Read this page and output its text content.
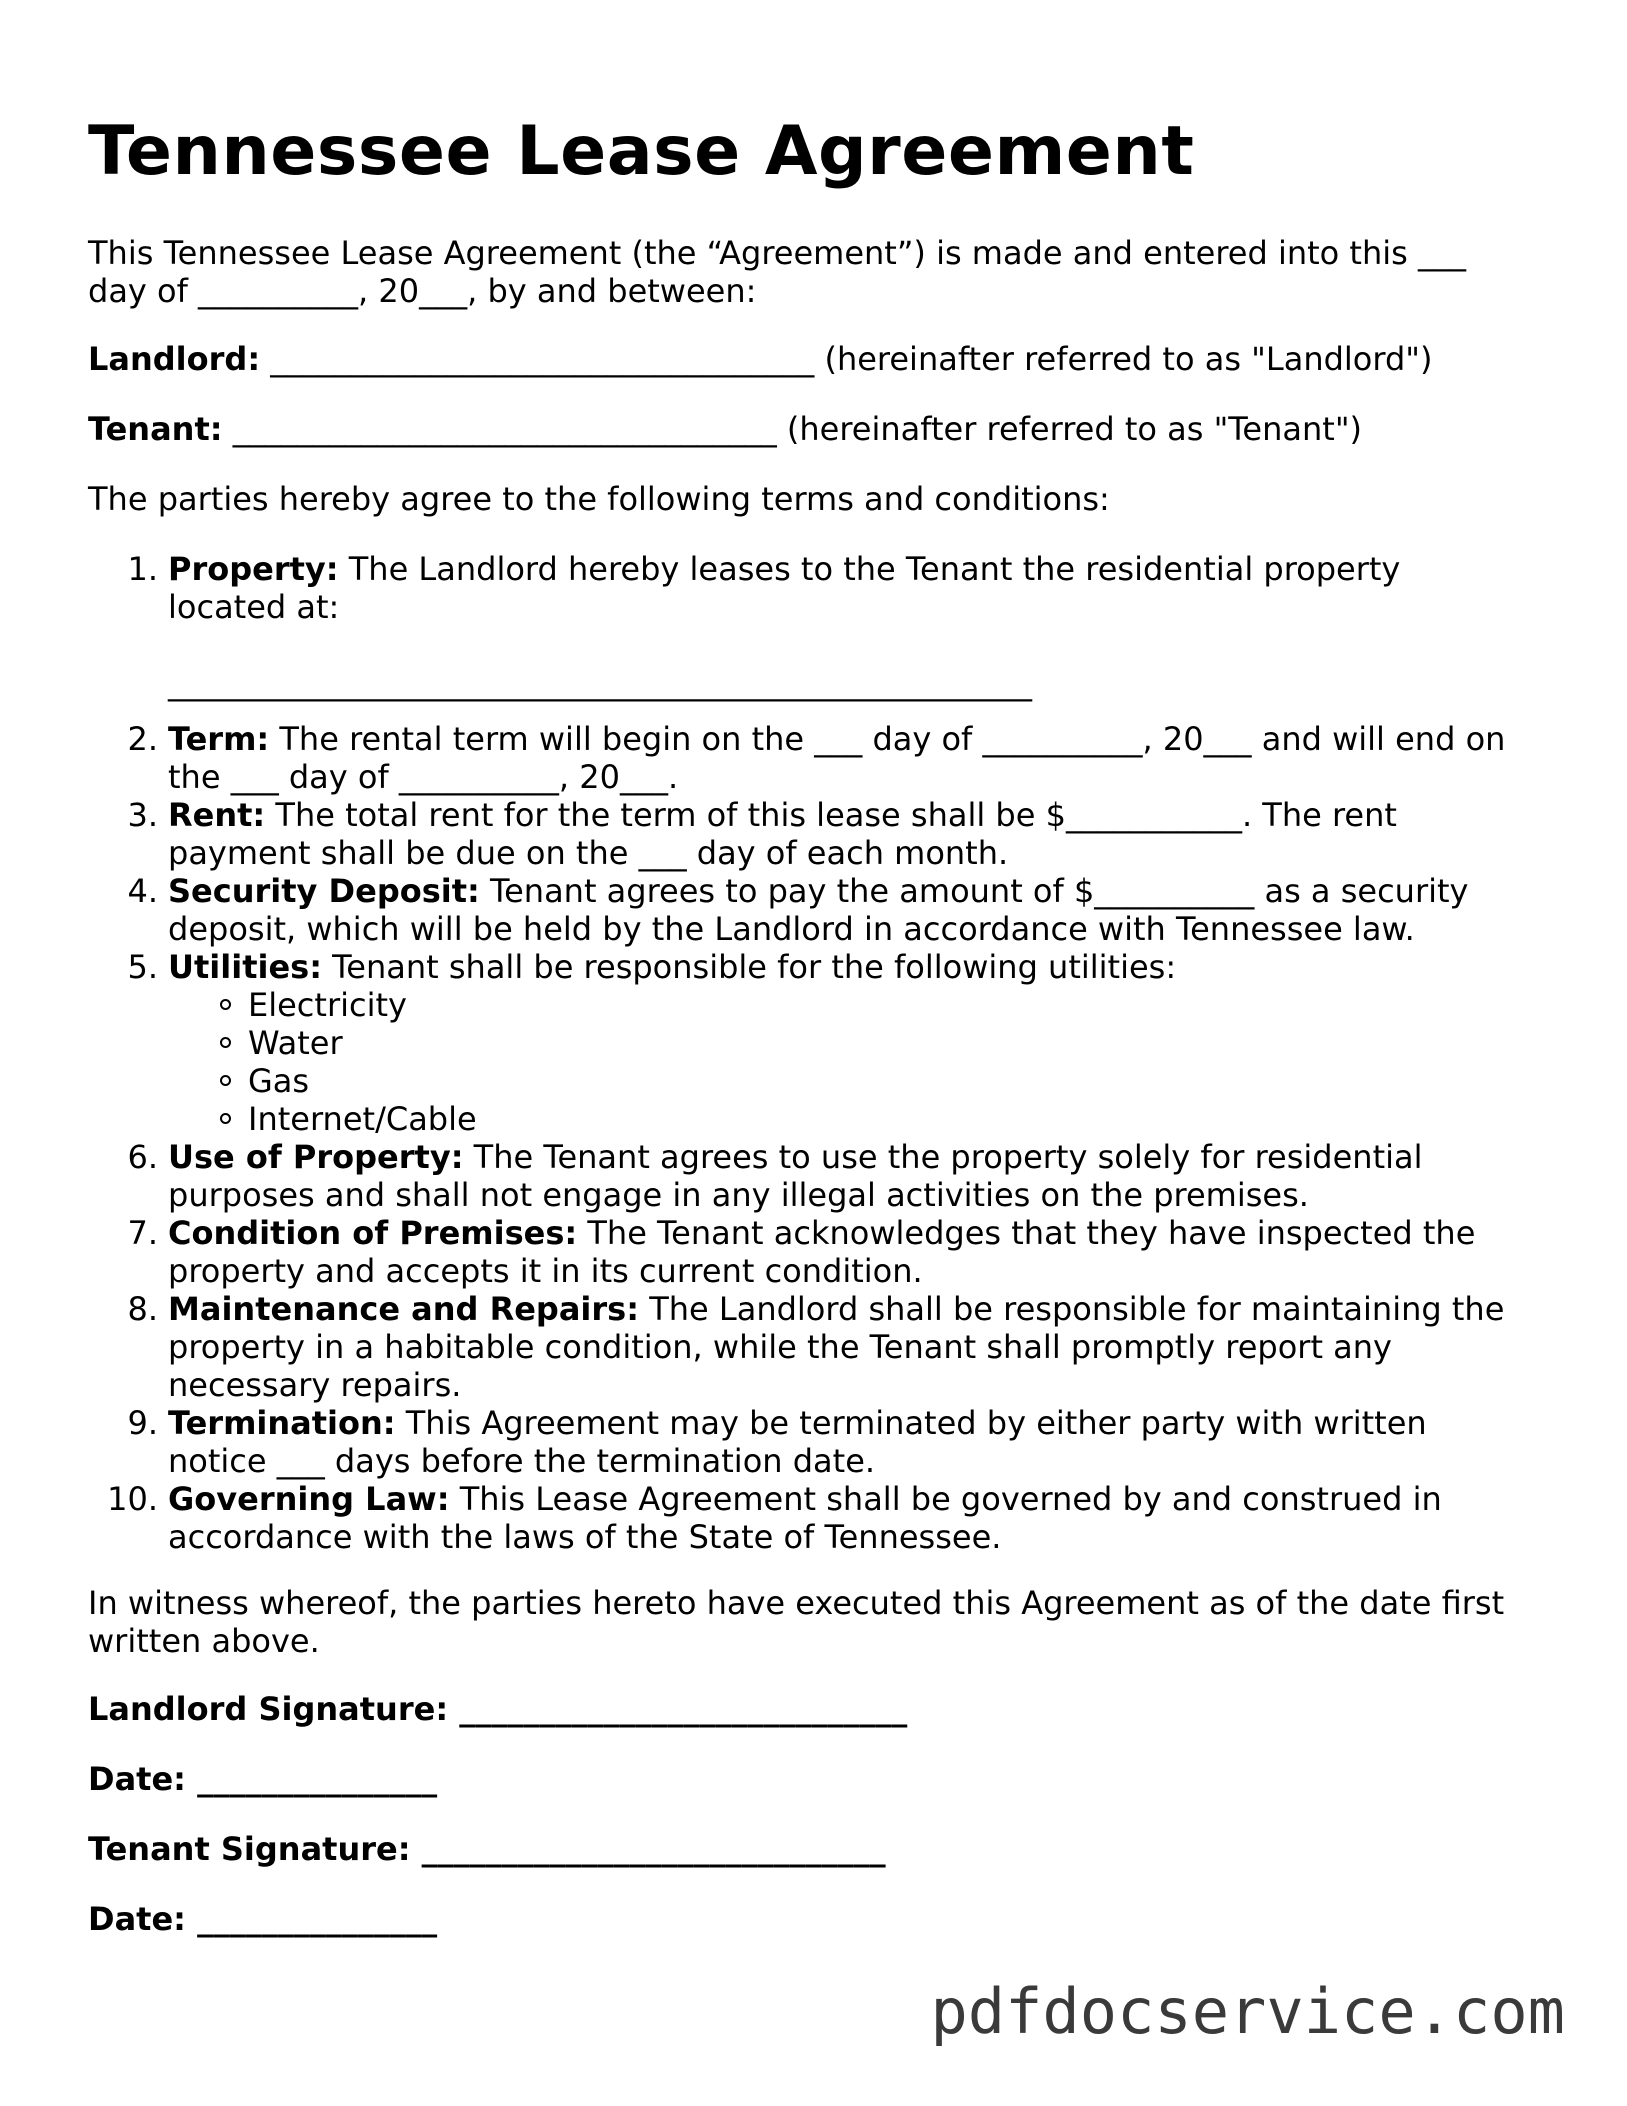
Tennessee Lease Agreement

This Tennessee Lease Agreement (the “Agreement”) is made and entered into this ___ day of __________, 20___, by and between:

Landlord: __________________________________ (hereinafter referred to as "Landlord")

Tenant: __________________________________ (hereinafter referred to as "Tenant")

The parties hereby agree to the following terms and conditions:

1. Property: The Landlord hereby leases to the Tenant the residential property located at:
______________________________________________________
2. Term: The rental term will begin on the ___ day of __________, 20___ and will end on the ___ day of __________, 20___.
3. Rent: The total rent for the term of this lease shall be $___________. The rent payment shall be due on the ___ day of each month.
4. Security Deposit: Tenant agrees to pay the amount of $__________ as a security deposit, which will be held by the Landlord in accordance with Tennessee law.
5. Utilities: Tenant shall be responsible for the following utilities:
Electricity
Water
Gas
Internet/Cable
6. Use of Property: The Tenant agrees to use the property solely for residential purposes and shall not engage in any illegal activities on the premises.
7. Condition of Premises: The Tenant acknowledges that they have inspected the property and accepts it in its current condition.
8. Maintenance and Repairs: The Landlord shall be responsible for maintaining the property in a habitable condition, while the Tenant shall promptly report any necessary repairs.
9. Termination: This Agreement may be terminated by either party with written notice ___ days before the termination date.
10. Governing Law: This Lease Agreement shall be governed by and construed in accordance with the laws of the State of Tennessee.

In witness whereof, the parties hereto have executed this Agreement as of the date first written above.

Landlord Signature: ____________________________

Date: _______________

Tenant Signature: _____________________________

Date: _______________

pdfdocservice.com
